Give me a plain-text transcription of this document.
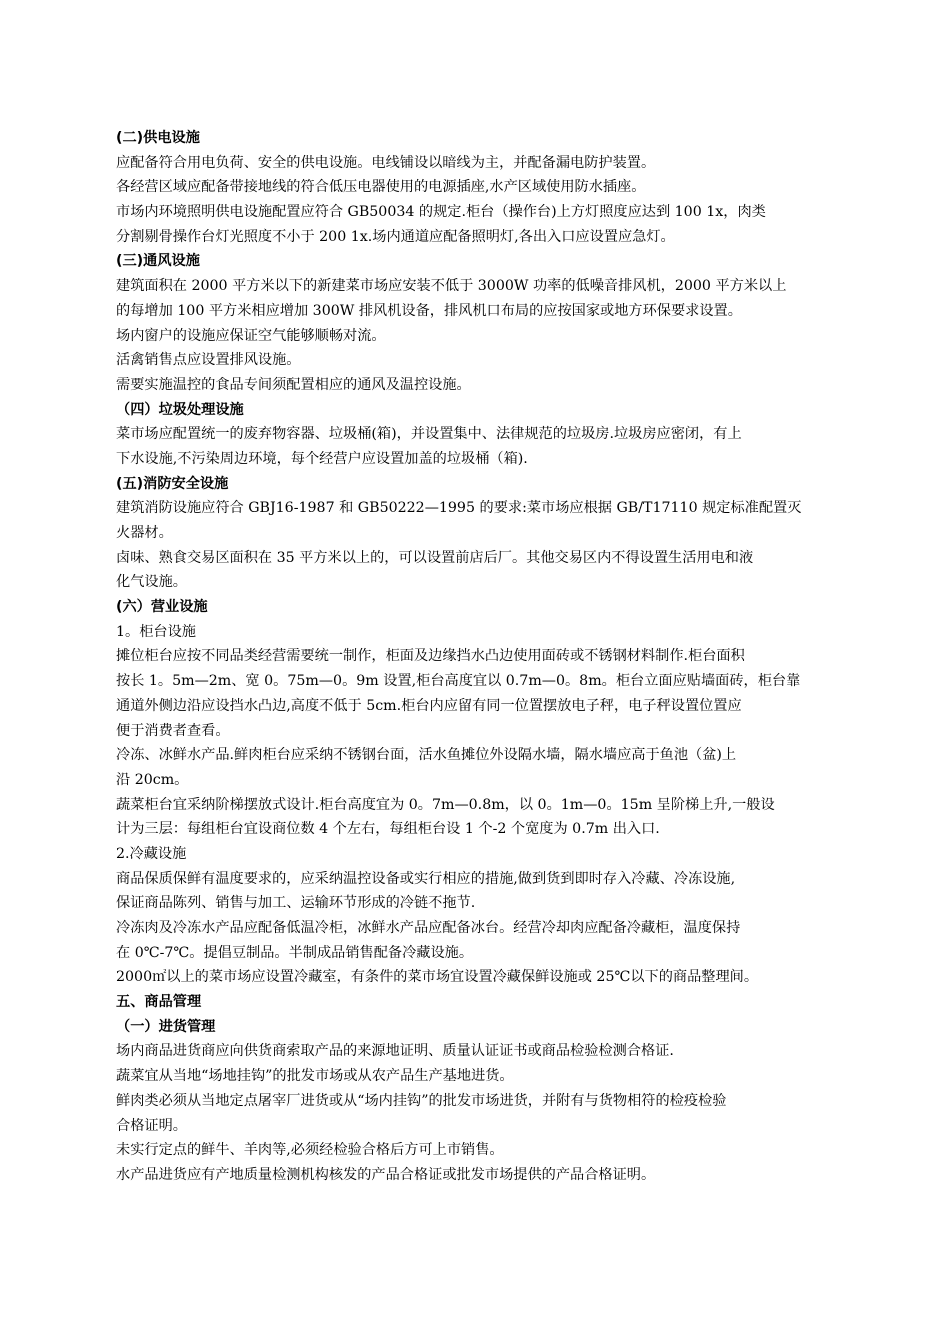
(二)供电设施
应配备符合用电负荷、安全的供电设施。电线铺设以暗线为主，并配备漏电防护装置。
各经营区域应配备带接地线的符合低压电器使用的电源插座,水产区域使用防水插座。
市场内环境照明供电设施配置应符合 GB50034 的规定.柜台（操作台)上方灯照度应达到 100 1x，肉类
分割剔骨操作台灯光照度不小于 200 1x.场内通道应配备照明灯,各出入口应设置应急灯。
(三)通风设施
建筑面积在 2000 平方米以下的新建菜市场应安装不低于 3000W 功率的低噪音排风机，2000 平方米以上
的每增加 100 平方米相应增加 300W 排风机设备，排风机口布局的应按国家或地方环保要求设置。
场内窗户的设施应保证空气能够顺畅对流。
活禽销售点应设置排风设施。
需要实施温控的食品专间须配置相应的通风及温控设施。
（四）垃圾处理设施
菜市场应配置统一的废弃物容器、垃圾桶(箱)，并设置集中、法律规范的垃圾房.垃圾房应密闭，有上
下水设施,不污染周边环境，每个经营户应设置加盖的垃圾桶（箱).
(五)消防安全设施
建筑消防设施应符合 GBJ16-1987 和 GB50222—1995 的要求:菜市场应根据 GB/T17110 规定标准配置灭
火器材。
卤味、熟食交易区面积在 35 平方米以上的，可以设置前店后厂。其他交易区内不得设置生活用电和液
化气设施。
(六）营业设施
1。柜台设施
摊位柜台应按不同品类经营需要统一制作，柜面及边缘挡水凸边使用面砖或不锈钢材料制作.柜台面积
按长 1。5m—2m、宽 0。75m—0。9m 设置,柜台高度宜以 0.7m—0。8m。柜台立面应贴墙面砖，柜台靠
通道外侧边沿应设挡水凸边,高度不低于 5cm.柜台内应留有同一位置摆放电子秤，电子秤设置位置应
便于消费者查看。
冷冻、冰鲜水产品.鲜肉柜台应采纳不锈钢台面，活水鱼摊位外设隔水墙，隔水墙应高于鱼池（盆)上
沿 20cm。
蔬菜柜台宜采纳阶梯摆放式设计.柜台高度宜为 0。7m—0.8m，以 0。1m—0。15m 呈阶梯上升,一般设
计为三层：每组柜台宜设商位数 4 个左右，每组柜台设 1 个-2 个宽度为 0.7m 出入口.
2.冷藏设施
商品保质保鲜有温度要求的，应采纳温控设备或实行相应的措施,做到货到即时存入冷藏、冷冻设施,
保证商品陈列、销售与加工、运输环节形成的冷链不拖节.
冷冻肉及冷冻水产品应配备低温冷柜，冰鲜水产品应配备冰台。经营冷却肉应配备冷藏柜，温度保持
在 0℃-7℃。提倡豆制品。半制成品销售配备冷藏设施。
2000㎡以上的菜市场应设置冷藏室，有条件的菜市场宜设置冷藏保鲜设施或 25℃以下的商品整理间。
五、商品管理
（一）进货管理
场内商品进货商应向供货商索取产品的来源地证明、质量认证证书或商品检验检测合格证.
蔬菜宜从当地“场地挂钩”的批发市场或从农产品生产基地进货。
鲜肉类必须从当地定点屠宰厂进货或从“场内挂钩”的批发市场进货，并附有与货物相符的检疫检验
合格证明。
未实行定点的鲜牛、羊肉等,必须经检验合格后方可上市销售。
水产品进货应有产地质量检测机构核发的产品合格证或批发市场提供的产品合格证明。
